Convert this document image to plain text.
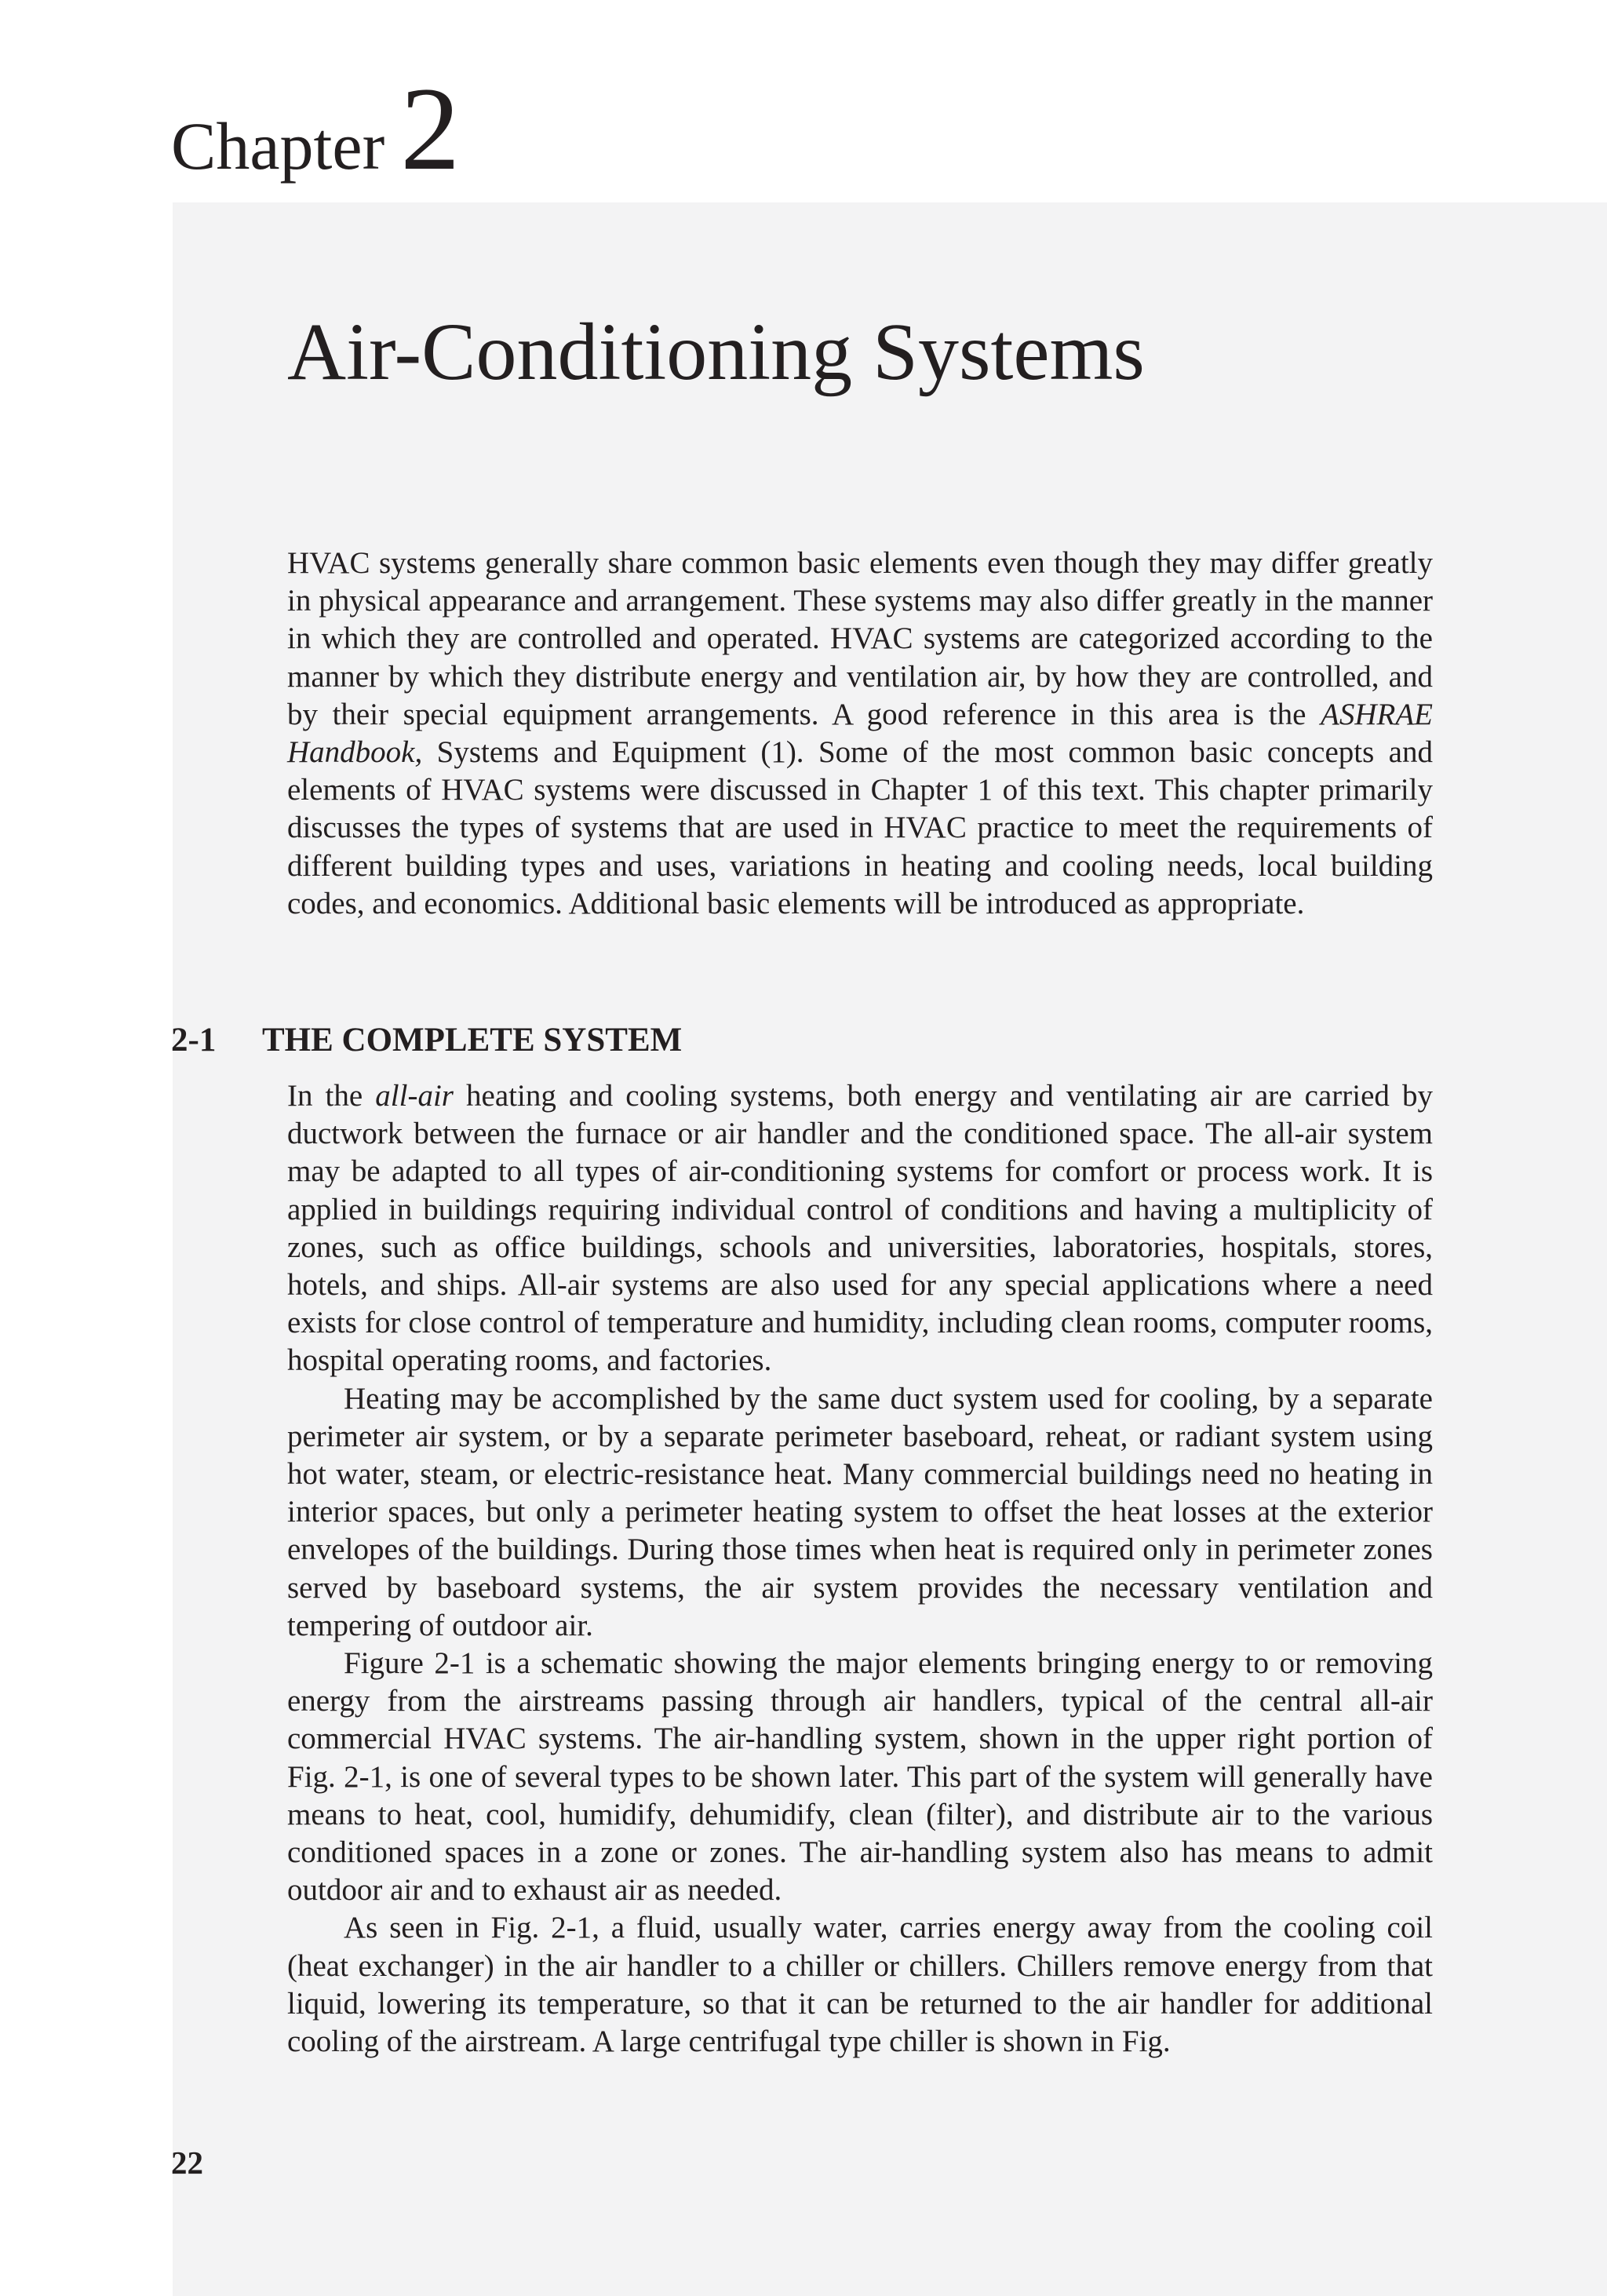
Chapter 2
Air-Conditioning Systems

HVAC systems generally share common basic elements even though they may differ greatly in physical appearance and arrangement. These systems may also differ greatly in the manner in which they are controlled and operated. HVAC systems are categorized according to the manner by which they distribute energy and ventilation air, by how they are controlled, and by their special equipment arrangements. A good reference in this area is the ASHRAE Handbook, Systems and Equipment (1). Some of the most common basic concepts and elements of HVAC systems were discussed in Chapter 1 of this text. This chapter primarily discusses the types of systems that are used in HVAC practice to meet the requirements of different building types and uses, variations in heating and cooling needs, local building codes, and economics. Additional basic elements will be introduced as appropriate.

2-1 THE COMPLETE SYSTEM

In the all-air heating and cooling systems, both energy and ventilating air are carried by ductwork between the furnace or air handler and the conditioned space. The all-air system may be adapted to all types of air-conditioning systems for comfort or process work. It is applied in buildings requiring individual control of conditions and having a multiplicity of zones, such as office buildings, schools and universities, laboratories, hospitals, stores, hotels, and ships. All-air systems are also used for any special applications where a need exists for close control of temperature and humidity, including clean rooms, computer rooms, hospital operating rooms, and factories.

Heating may be accomplished by the same duct system used for cooling, by a separate perimeter air system, or by a separate perimeter baseboard, reheat, or radiant system using hot water, steam, or electric-resistance heat. Many commercial buildings need no heating in interior spaces, but only a perimeter heating system to offset the heat losses at the exterior envelopes of the buildings. During those times when heat is required only in perimeter zones served by baseboard systems, the air system provides the necessary ventilation and tempering of outdoor air.

Figure 2-1 is a schematic showing the major elements bringing energy to or removing energy from the airstreams passing through air handlers, typical of the central all-air commercial HVAC systems. The air-handling system, shown in the upper right portion of Fig. 2-1, is one of several types to be shown later. This part of the system will generally have means to heat, cool, humidify, dehumidify, clean (filter), and distribute air to the various conditioned spaces in a zone or zones. The air-handling system also has means to admit outdoor air and to exhaust air as needed.

As seen in Fig. 2-1, a fluid, usually water, carries energy away from the cooling coil (heat exchanger) in the air handler to a chiller or chillers. Chillers remove energy from that liquid, lowering its temperature, so that it can be returned to the air handler for additional cooling of the airstream. A large centrifugal type chiller is shown in Fig.

22
